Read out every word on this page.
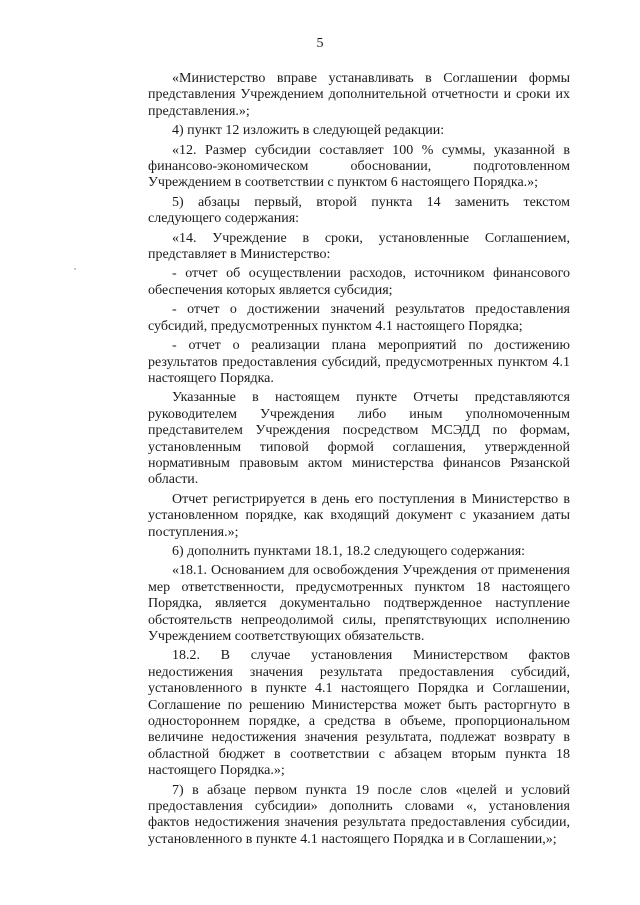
5

«Министерство вправе устанавливать в Соглашении формы представления Учреждением дополнительной отчетности и сроки их представления.»;

4) пункт 12 изложить в следующей редакции:

«12. Размер субсидии составляет 100 % суммы, указанной в финансово-экономическом обосновании, подготовленном Учреждением в соответствии с пунктом 6 настоящего Порядка.»;

5) абзацы первый, второй пункта 14 заменить текстом следующего содержания:

«14. Учреждение в сроки, установленные Соглашением, представляет в Министерство:

- отчет об осуществлении расходов, источником финансового обеспечения которых является субсидия;

- отчет о достижении значений результатов предоставления субсидий, предусмотренных пунктом 4.1 настоящего Порядка;

- отчет о реализации плана мероприятий по достижению результатов предоставления субсидий, предусмотренных пунктом 4.1 настоящего Порядка.

Указанные в настоящем пункте Отчеты представляются руководителем Учреждения либо иным уполномоченным представителем Учреждения посредством МСЭДД по формам, установленным типовой формой соглашения, утвержденной нормативным правовым актом министерства финансов Рязанской области.

Отчет регистрируется в день его поступления в Министерство в установленном порядке, как входящий документ с указанием даты поступления.»;

6) дополнить пунктами 18.1, 18.2 следующего содержания:

«18.1. Основанием для освобождения Учреждения от применения мер ответственности, предусмотренных пунктом 18 настоящего Порядка, является документально подтвержденное наступление обстоятельств непреодолимой силы, препятствующих исполнению Учреждением соответствующих обязательств.

18.2. В случае установления Министерством фактов недостижения значения результата предоставления субсидий, установленного в пункте 4.1 настоящего Порядка и Соглашении, Соглашение по решению Министерства может быть расторгнуто в одностороннем порядке, а средства в объеме, пропорциональном величине недостижения значения результата, подлежат возврату в областной бюджет в соответствии с абзацем вторым пункта 18 настоящего Порядка.»;

7) в абзаце первом пункта 19 после слов «целей и условий предоставления субсидии» дополнить словами «, установления фактов недостижения значения результата предоставления субсидии, установленного в пункте 4.1 настоящего Порядка и в Соглашении,»;
